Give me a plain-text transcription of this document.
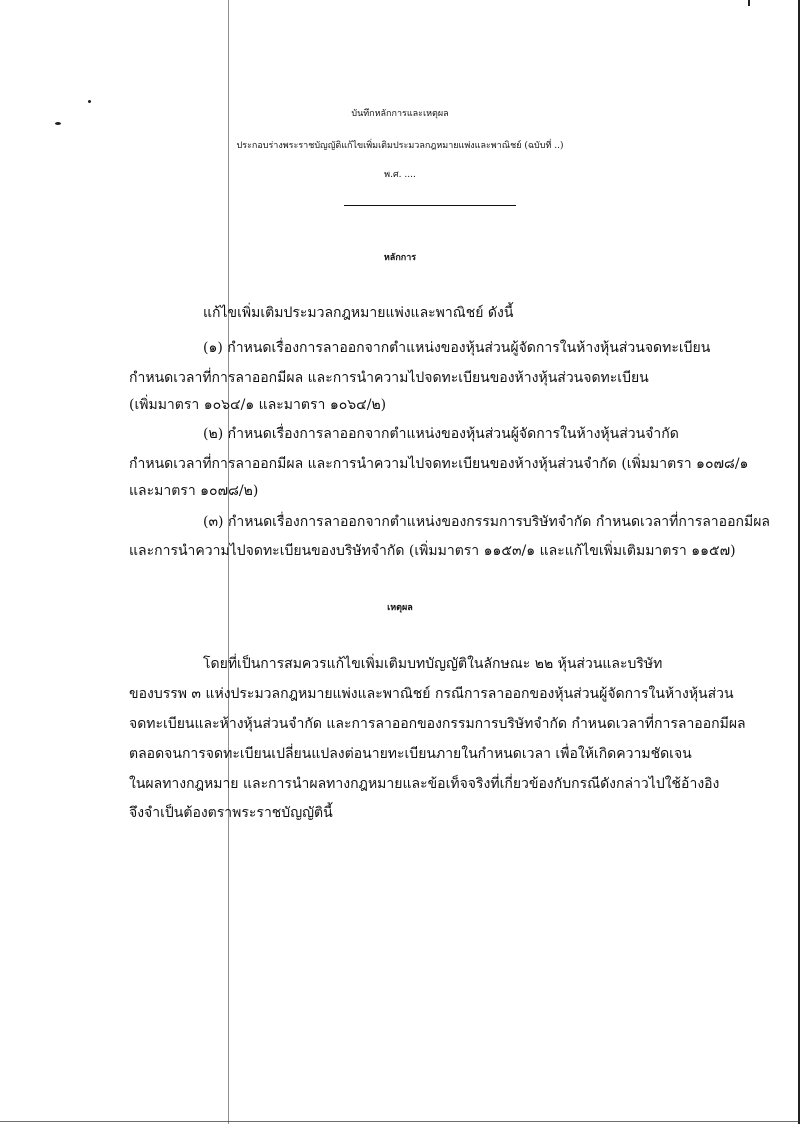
บันทึกหลักการและเหตุผล
ประกอบร่างพระราชบัญญัติแก้ไขเพิ่มเติมประมวลกฎหมายแพ่งและพาณิชย์ (ฉบับที่ ..)
พ.ศ. ....
หลักการ
แก้ไขเพิ่มเติมประมวลกฎหมายแพ่งและพาณิชย์ ดังนี้
(๑) กำหนดเรื่องการลาออกจากตำแหน่งของหุ้นส่วนผู้จัดการในห้างหุ้นส่วนจดทะเบียน
กำหนดเวลาที่การลาออกมีผล และการนำความไปจดทะเบียนของห้างหุ้นส่วนจดทะเบียน
(เพิ่มมาตรา ๑๐๖๔/๑ และมาตรา ๑๐๖๔/๒)
(๒) กำหนดเรื่องการลาออกจากตำแหน่งของหุ้นส่วนผู้จัดการในห้างหุ้นส่วนจำกัด
กำหนดเวลาที่การลาออกมีผล และการนำความไปจดทะเบียนของห้างหุ้นส่วนจำกัด (เพิ่มมาตรา ๑๐๗๘/๑
และมาตรา ๑๐๗๘/๒)
(๓) กำหนดเรื่องการลาออกจากตำแหน่งของกรรมการบริษัทจำกัด กำหนดเวลาที่การลาออกมีผล
และการนำความไปจดทะเบียนของบริษัทจำกัด (เพิ่มมาตรา ๑๑๕๓/๑ และแก้ไขเพิ่มเติมมาตรา ๑๑๕๗)
เหตุผล
โดยที่เป็นการสมควรแก้ไขเพิ่มเติมบทบัญญัติในลักษณะ ๒๒ หุ้นส่วนและบริษัท
ของบรรพ ๓ แห่งประมวลกฎหมายแพ่งและพาณิชย์ กรณีการลาออกของหุ้นส่วนผู้จัดการในห้างหุ้นส่วน
จดทะเบียนและห้างหุ้นส่วนจำกัด และการลาออกของกรรมการบริษัทจำกัด กำหนดเวลาที่การลาออกมีผล
ตลอดจนการจดทะเบียนเปลี่ยนแปลงต่อนายทะเบียนภายในกำหนดเวลา เพื่อให้เกิดความชัดเจน
ในผลทางกฎหมาย และการนำผลทางกฎหมายและข้อเท็จจริงที่เกี่ยวข้องกับกรณีดังกล่าวไปใช้อ้างอิง
จึงจำเป็นต้องตราพระราชบัญญัตินี้
